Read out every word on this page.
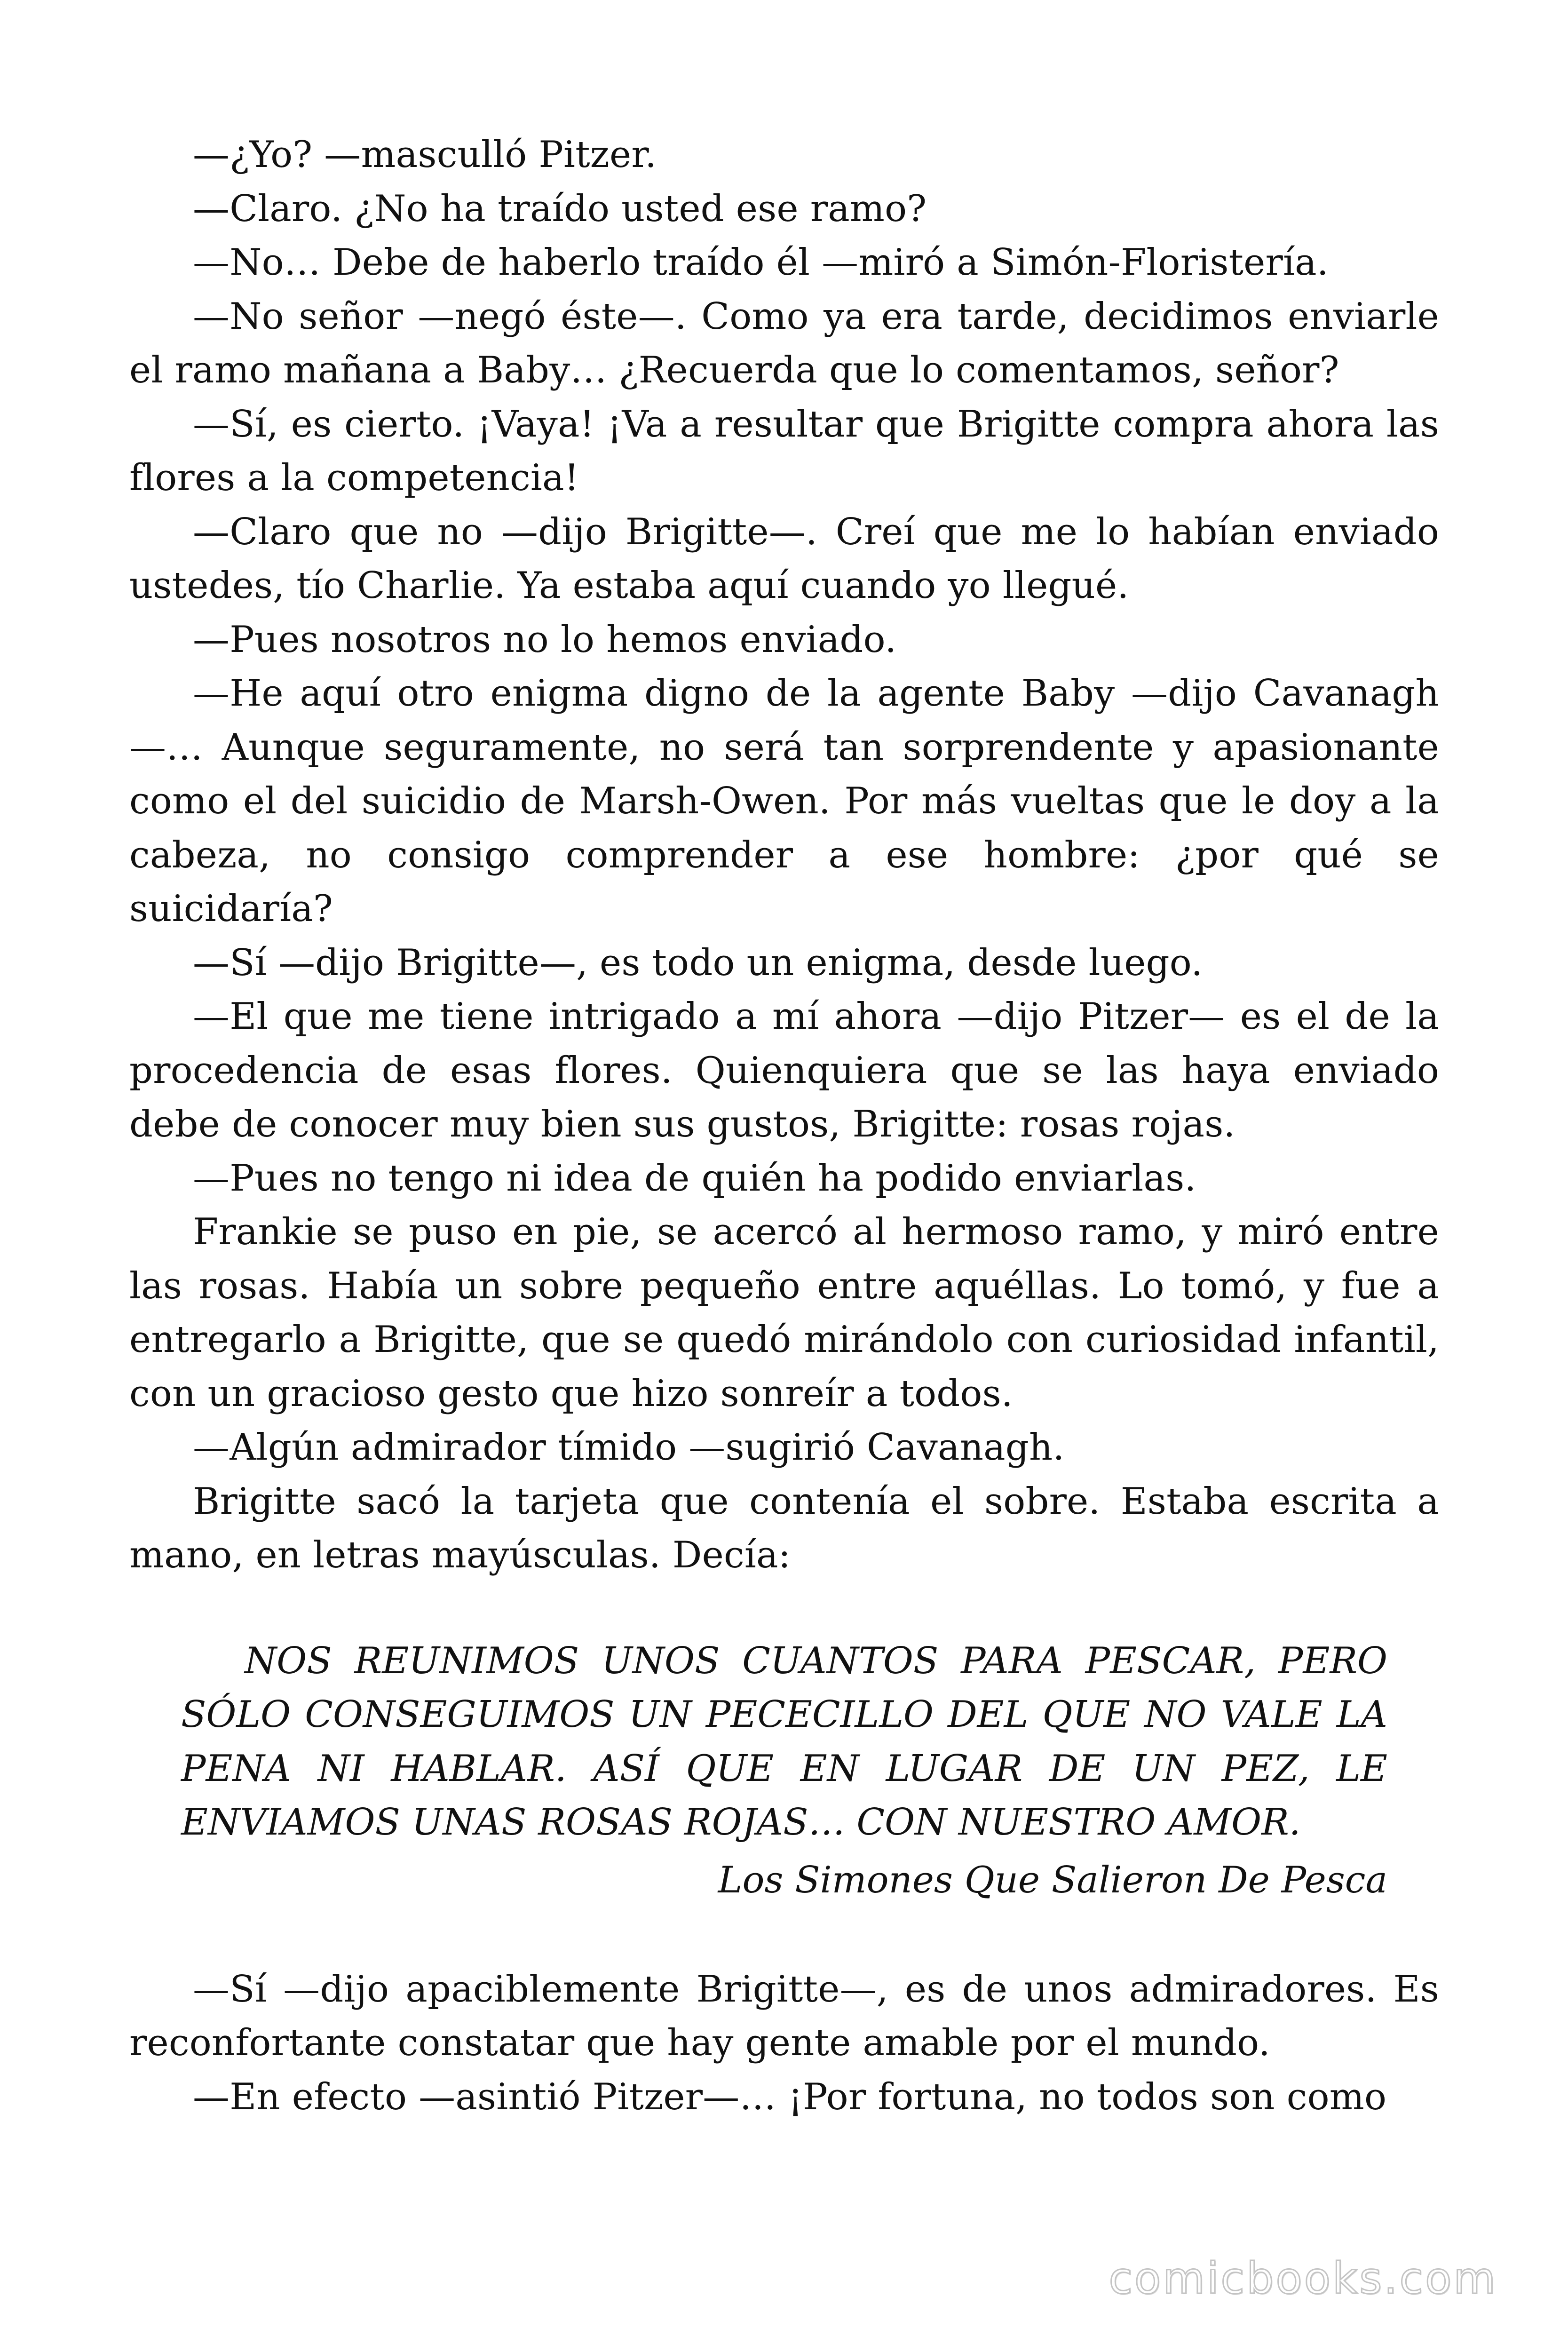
—¿Yo? —masculló Pitzer.

—Claro. ¿No ha traído usted ese ramo?

—No… Debe de haberlo traído él —miró a Simón-Floristería.

—No señor —negó éste—. Como ya era tarde, decidimos enviarle el ramo mañana a Baby… ¿Recuerda que lo comentamos, señor?

—Sí, es cierto. ¡Vaya! ¡Va a resultar que Brigitte compra ahora las flores a la competencia!

—Claro que no —dijo Brigitte—. Creí que me lo habían enviado ustedes, tío Charlie. Ya estaba aquí cuando yo llegué.

—Pues nosotros no lo hemos enviado.

—He aquí otro enigma digno de la agente Baby —dijo Cavanagh —… Aunque seguramente, no será tan sorprendente y apasionante como el del suicidio de Marsh-Owen. Por más vueltas que le doy a la cabeza, no consigo comprender a ese hombre: ¿por qué se suicidaría?

—Sí —dijo Brigitte—, es todo un enigma, desde luego.

—El que me tiene intrigado a mí ahora —dijo Pitzer— es el de la procedencia de esas flores. Quienquiera que se las haya enviado debe de conocer muy bien sus gustos, Brigitte: rosas rojas.

—Pues no tengo ni idea de quién ha podido enviarlas.

Frankie se puso en pie, se acercó al hermoso ramo, y miró entre las rosas. Había un sobre pequeño entre aquéllas. Lo tomó, y fue a entregarlo a Brigitte, que se quedó mirándolo con curiosidad infantil, con un gracioso gesto que hizo sonreír a todos.

—Algún admirador tímido —sugirió Cavanagh.

Brigitte sacó la tarjeta que contenía el sobre. Estaba escrita a mano, en letras mayúsculas. Decía:

NOS REUNIMOS UNOS CUANTOS PARA PESCAR, PERO SÓLO CONSEGUIMOS UN PECECILLO DEL QUE NO VALE LA PENA NI HABLAR. ASÍ QUE EN LUGAR DE UN PEZ, LE ENVIAMOS UNAS ROSAS ROJAS… CON NUESTRO AMOR.

Los Simones Que Salieron De Pesca

—Sí —dijo apaciblemente Brigitte—, es de unos admiradores. Es reconfortante constatar que hay gente amable por el mundo.

—En efecto —asintió Pitzer—… ¡Por fortuna, no todos son como

comicbooks.com
